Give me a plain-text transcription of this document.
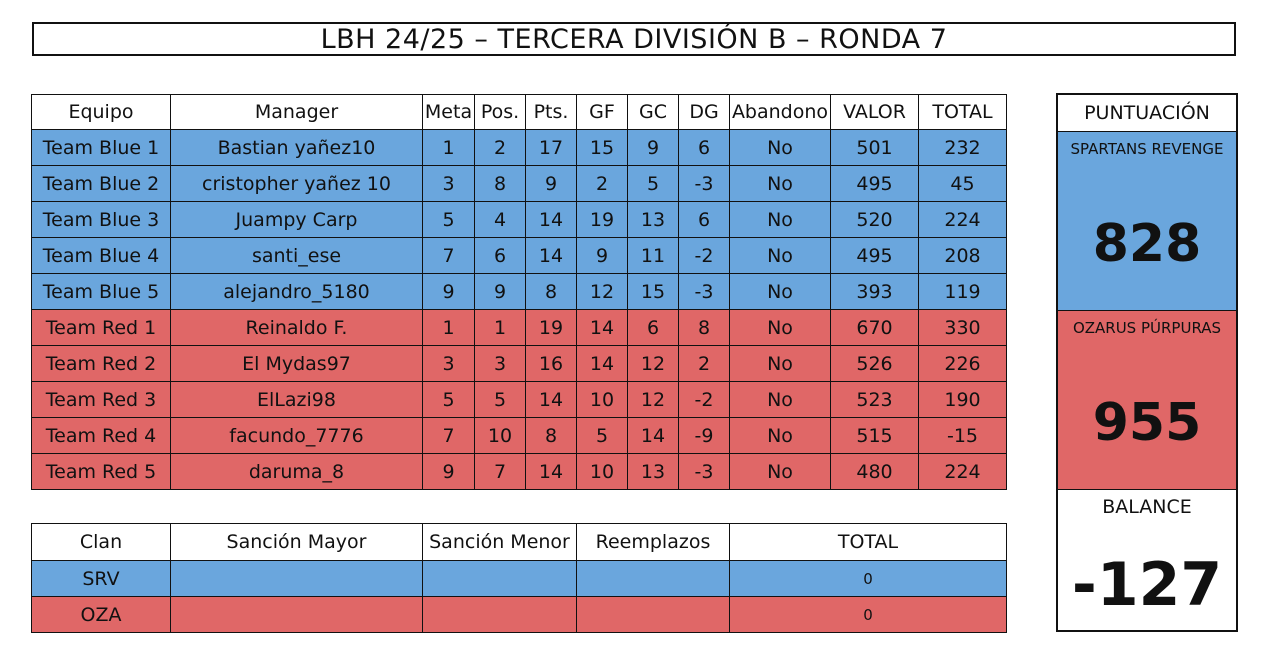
LBH 24/25 – TERCERA DIVISIÓN B – RONDA 7
Equipo	Manager	Meta	Pos.	Pts.	GF	GC	DG	Abandono	VALOR	TOTAL
Team Blue 1	Bastian yañez10	1	2	17	15	9	6	No	501	232
Team Blue 2	cristopher yañez 10	3	8	9	2	5	-3	No	495	45
Team Blue 3	Juampy Carp	5	4	14	19	13	6	No	520	224
Team Blue 4	santi_ese	7	6	14	9	11	-2	No	495	208
Team Blue 5	alejandro_5180	9	9	8	12	15	-3	No	393	119
Team Red 1	Reinaldo F.	1	1	19	14	6	8	No	670	330
Team Red 2	El Mydas97	3	3	16	14	12	2	No	526	226
Team Red 3	ElLazi98	5	5	14	10	12	-2	No	523	190
Team Red 4	facundo_7776	7	10	8	5	14	-9	No	515	-15
Team Red 5	daruma_8	9	7	14	10	13	-3	No	480	224
Clan	Sanción Mayor	Sanción Menor	Reemplazos	TOTAL
SRV				0
OZA				0
PUNTUACIÓN
SPARTANS REVENGE
828
OZARUS PÚRPURAS
955
BALANCE
-127
